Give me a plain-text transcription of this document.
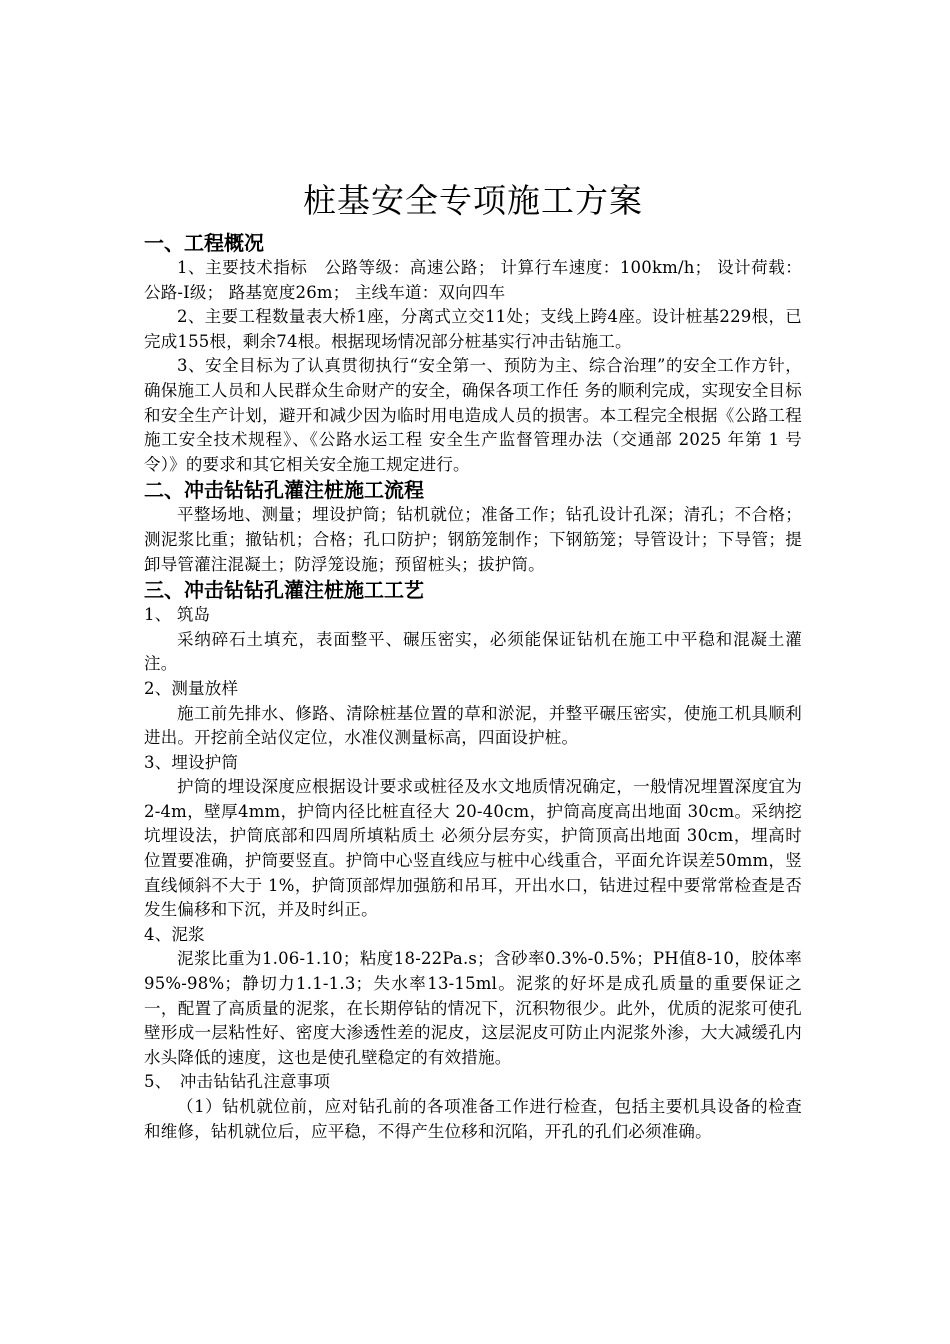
桩基安全专项施工方案
一、工程概况

1、主要技术指标　公路等级：高速公路； 计算行车速度：100km/h； 设计荷载：公路-Ⅰ级； 路基宽度26m； 主线车道：双向四车

2、主要工程数量表大桥1座，分离式立交11处；支线上跨4座。设计桩基229根，已完成155根，剩余74根。根据现场情况部分桩基实行冲击钻施工。

3、安全目标为了认真贯彻执行“安全第一、预防为主、综合治理”的安全工作方针，确保施工人员和人民群众生命财产的安全，确保各项工作任 务的顺利完成，实现安全目标和安全生产计划，避开和减少因为临时用电造成人员的损害。本工程完全根据《公路工程施工安全技术规程》、《公路水运工程 安全生产监督管理办法（交通部 2025 年第 1 号令）》的要求和其它相关安全施工规定进行。

二、冲击钻钻孔灌注桩施工流程

平整场地、测量；埋设护筒；钻机就位；准备工作；钻孔设计孔深；清孔；不合格；测泥浆比重；撤钻机；合格；孔口防护；钢筋笼制作；下钢筋笼；导管设计；下导管；提卸导管灌注混凝土；防浮笼设施；预留桩头；拔护筒。

三、冲击钻钻孔灌注桩施工工艺
1、 筑岛

采纳碎石土填充，表面整平、碾压密实，必须能保证钻机在施工中平稳和混凝土灌注。

2、测量放样

施工前先排水、修路、清除桩基位置的草和淤泥，并整平碾压密实，使施工机具顺利进出。开挖前全站仪定位，水准仪测量标高，四面设护桩。

3、埋设护筒

护筒的埋设深度应根据设计要求或桩径及水文地质情况确定，一般情况埋置深度宜为2-4m，壁厚4mm，护筒内径比桩直径大 20-40cm，护筒高度高出地面 30cm。采纳挖坑埋设法，护筒底部和四周所填粘质土 必须分层夯实，护筒顶高出地面 30cm，埋高时位置要准确，护筒要竖直。护筒中心竖直线应与桩中心线重合，平面允许误差50mm，竖直线倾斜不大于 1%，护筒顶部焊加强筋和吊耳，开出水口，钻进过程中要常常检查是否发生偏移和下沉，并及时纠正。

4、泥浆

泥浆比重为1.06-1.10；粘度18-22Pa.s；含砂率0.3%-0.5%；PH值8-10，胶体率95%-98%；静切力1.1-1.3；失水率13-15ml。泥浆的好坏是成孔质量的重要保证之一，配置了高质量的泥浆，在长期停钻的情况下，沉积物很少。此外，优质的泥浆可使孔壁形成一层粘性好、密度大渗透性差的泥皮，这层泥皮可防止内泥浆外渗，大大减缓孔内 水头降低的速度，这也是使孔壁稳定的有效措施。

5、　冲击钻钻孔注意事项

（1）钻机就位前，应对钻孔前的各项准备工作进行检查，包括主要机具设备的检查和维修，钻机就位后，应平稳，不得产生位移和沉陷，开孔的孔们必须准确。
